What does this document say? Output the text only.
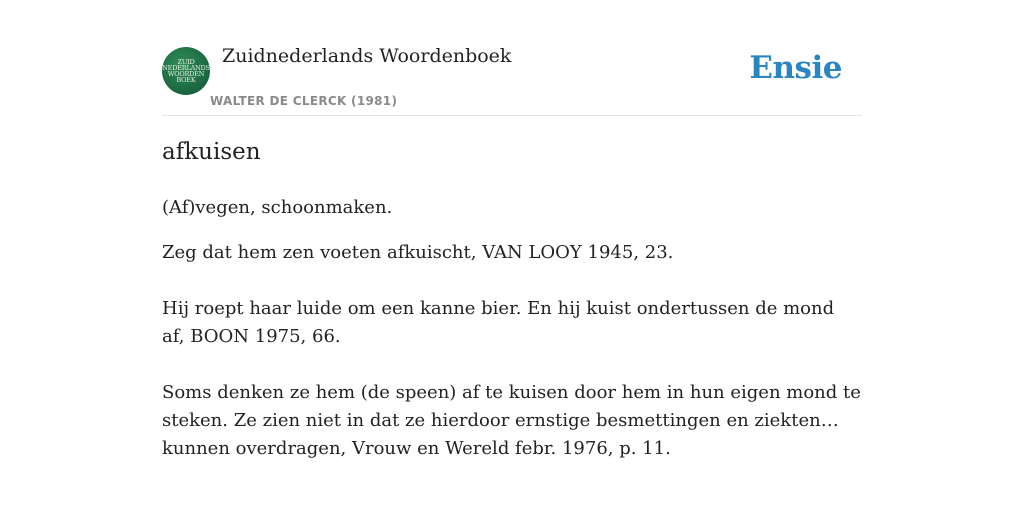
ZUID
NEDERLANDS
WOORDEN
BOEK
Zuidnederlands Woordenboek
WALTER DE CLERCK (1981)
Ensie
afkuisen
(Af)vegen, schoonmaken.

Zeg dat hem zen voeten afkuischt, VAN LOOY 1945, 23.

Hij roept haar luide om een kanne bier. En hij kuist ondertussen de mond af, BOON 1975, 66.

Soms denken ze hem (de speen) af te kuisen door hem in hun eigen mond te steken. Ze zien niet in dat ze hierdoor ernstige besmettingen en ziekten… kunnen overdragen, Vrouw en Wereld febr. 1976, p. 11.
